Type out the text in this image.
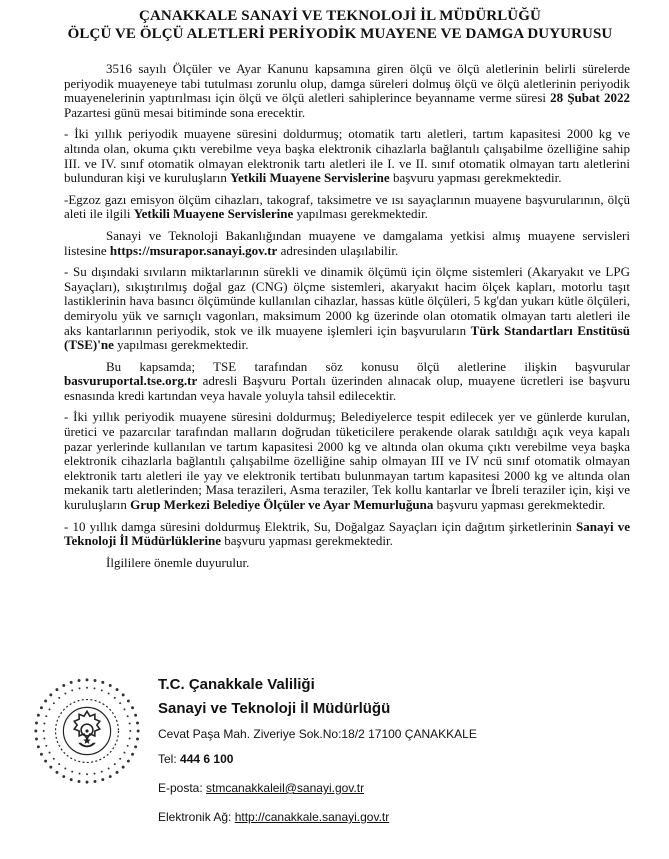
ÇANAKKALE SANAYİ VE TEKNOLOJİ İL MÜDÜRLÜĞÜ
ÖLÇÜ VE ÖLÇÜ ALETLERİ PERİYODİK MUAYENE VE DAMGA DUYURUSU

3516 sayılı Ölçüler ve Ayar Kanunu kapsamına giren ölçü ve ölçü aletlerinin belirli sürelerde periyodik muayeneye tabi tutulması zorunlu olup, damga süreleri dolmuş ölçü ve ölçü aletlerinin periyodik muayenelerinin yaptırılması için ölçü ve ölçü aletleri sahiplerince beyanname verme süresi 28 Şubat 2022 Pazartesi günü mesai bitiminde sona erecektir.

- İki yıllık periyodik muayene süresini doldurmuş; otomatik tartı aletleri, tartım kapasitesi 2000 kg ve altında olan, okuma çıktı verebilme veya başka elektronik cihazlarla bağlantılı çalışabilme özelliğine sahip III. ve IV. sınıf otomatik olmayan elektronik tartı aletleri ile I. ve II. sınıf otomatik olmayan tartı aletlerini bulunduran kişi ve kuruluşların Yetkili Muayene Servislerine başvuru yapması gerekmektedir.

-Egzoz gazı emisyon ölçüm cihazları, takograf, taksimetre ve ısı sayaçlarının muayene başvurularının, ölçü aleti ile ilgili Yetkili Muayene Servislerine yapılması gerekmektedir.

Sanayi ve Teknoloji Bakanlığından muayene ve damgalama yetkisi almış muayene servisleri listesine https://msurapor.sanayi.gov.tr adresinden ulaşılabilir.

- Su dışındaki sıvıların miktarlarının sürekli ve dinamik ölçümü için ölçme sistemleri (Akaryakıt ve LPG Sayaçları), sıkıştırılmış doğal gaz (CNG) ölçme sistemleri, akaryakıt hacim ölçek kapları, motorlu taşıt lastiklerinin hava basıncı ölçümünde kullanılan cihazlar, hassas kütle ölçüleri, 5 kg'dan yukarı kütle ölçüleri, demiryolu yük ve sarnıçlı vagonları, maksimum 2000 kg üzerinde olan otomatik olmayan tartı aletleri ile aks kantarlarının periyodik, stok ve ilk muayene işlemleri için başvuruların Türk Standartları Enstitüsü (TSE)'ne yapılması gerekmektedir.

Bu kapsamda; TSE tarafından söz konusu ölçü aletlerine ilişkin başvurular basvuruportal.tse.org.tr adresli Başvuru Portalı üzerinden alınacak olup, muayene ücretleri ise başvuru esnasında kredi kartından veya havale yoluyla tahsil edilecektir.

- İki yıllık periyodik muayene süresini doldurmuş; Belediyelerce tespit edilecek yer ve günlerde kurulan, üretici ve pazarcılar tarafından malların doğrudan tüketicilere perakende olarak satıldığı açık veya kapalı pazar yerlerinde kullanılan ve tartım kapasitesi 2000 kg ve altında olan okuma çıktı verebilme veya başka elektronik cihazlarla bağlantılı çalışabilme özelliğine sahip olmayan III ve IV ncü sınıf otomatik olmayan elektronik tartı aletleri ile yay ve elektronik tertibatı bulunmayan tartım kapasitesi 2000 kg ve altında olan mekanik tartı aletlerinden; Masa terazileri, Asma teraziler, Tek kollu kantarlar ve İbreli teraziler için, kişi ve kuruluşların Grup Merkezi Belediye Ölçüler ve Ayar Memurluğuna başvuru yapması gerekmektedir.

- 10 yıllık damga süresini doldurmuş Elektrik, Su, Doğalgaz Sayaçları için dağıtım şirketlerinin Sanayi ve Teknoloji İl Müdürlüklerine başvuru yapması gerekmektedir.

İlgililere önemle duyurulur.

T.C. Çanakkale Valiliği
Sanayi ve Teknoloji İl Müdürlüğü
Cevat Paşa Mah. Ziveriye Sok.No:18/2 17100 ÇANAKKALE
Tel: 444 6 100
E-posta: stmcanakkaleil@sanayi.gov.tr
Elektronik Ağ: http://canakkale.sanayi.gov.tr
